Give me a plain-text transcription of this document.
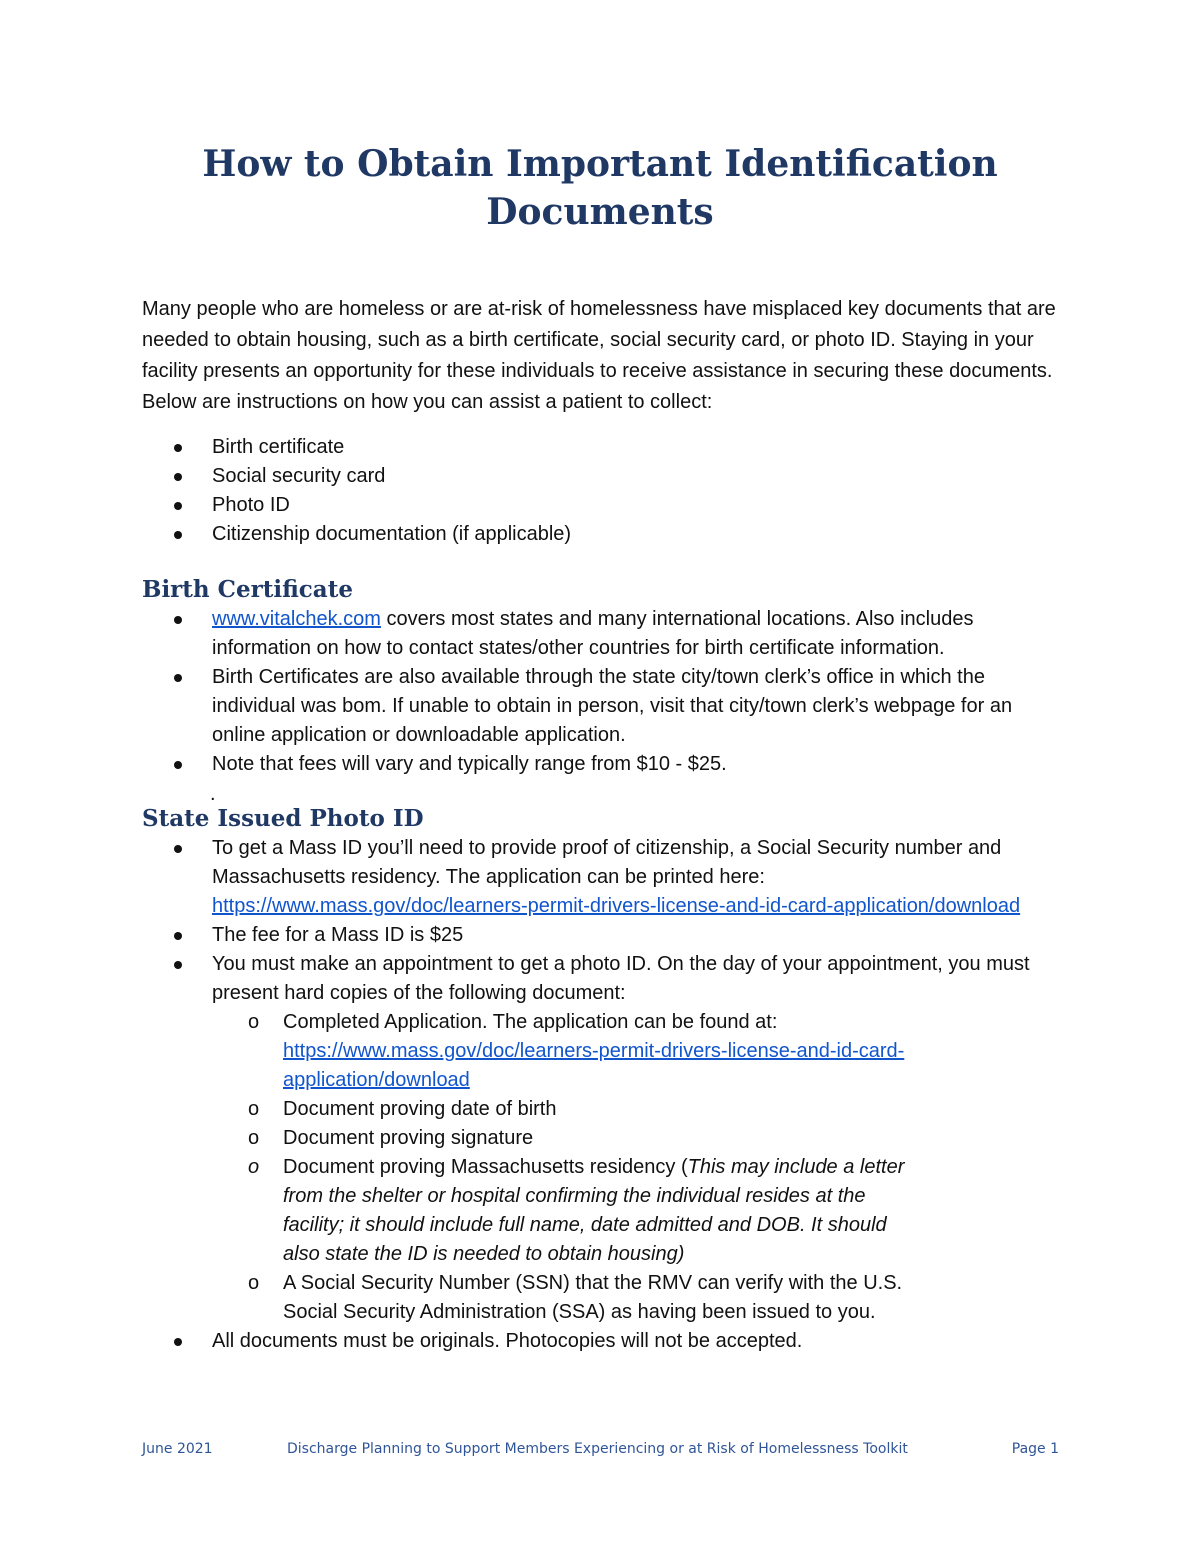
How to Obtain Important Identification
Documents

Many people who are homeless or are at-risk of homelessness have misplaced key documents that are needed to obtain housing, such as a birth certificate, social security card, or photo ID. Staying in your facility presents an opportunity for these individuals to receive assistance in securing these documents. Below are instructions on how you can assist a patient to collect:

Birth certificate
Social security card
Photo ID
Citizenship documentation (if applicable)
Birth Certificate
www.vitalchek.com covers most states and many international locations. Also includes information on how to contact states/other countries for birth certificate information.
Birth Certificates are also available through the state city/town clerk’s office in which the individual was bom. If unable to obtain in person, visit that city/town clerk’s webpage for an online application or downloadable application.
Note that fees will vary and typically range from $10 - $25.
.
State Issued Photo ID
To get a Mass ID you’ll need to provide proof of citizenship, a Social Security number and Massachusetts residency. The application can be printed here: https://www.mass.gov/doc/learners-permit-drivers-license-and-id-card-application/download
The fee for a Mass ID is $25
You must make an appointment to get a photo ID. On the day of your appointment, you must present hard copies of the following document:
o Completed Application. The application can be found at: https://www.mass.gov/doc/learners-permit-drivers-license-and-id-card-application/download
o Document proving date of birth
o Document proving signature
o Document proving Massachusetts residency (This may include a letter from the shelter or hospital confirming the individual resides at the facility; it should include full name, date admitted and DOB. It should also state the ID is needed to obtain housing)
o A Social Security Number (SSN) that the RMV can verify with the U.S. Social Security Administration (SSA) as having been issued to you.
All documents must be originals. Photocopies will not be accepted.
June 2021	Discharge Planning to Support Members Experiencing or at Risk of Homelessness Toolkit	Page 1
